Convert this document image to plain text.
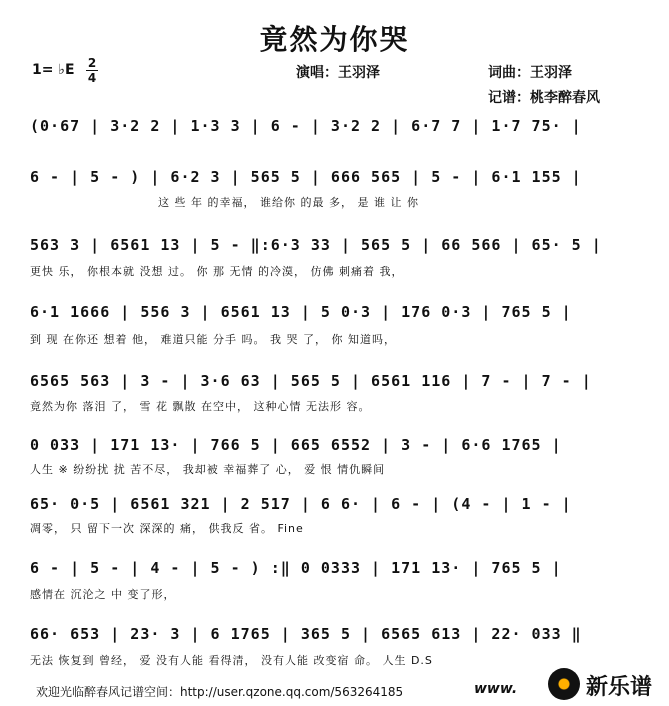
竟然为你哭
1= ♭E 2
4	演唱：王羽泽	词曲：王羽泽
记谱：桃李醉春风
(0·67 | 3·2 2 | 1·3 3 | 6 - | 3·2 2 | 6·7 7 | 1·7 75· |
6 - | 5 - ) | 6·2 3 | 565 5 | 666 565 | 5 - | 6·1 155 |
这 些 年 的幸福， 谁给你 的最 多， 是 谁 让 你
563 3 | 6561 13 | 5 - ‖:6·3 33 | 565 5 | 66 566 | 65· 5 |
更快 乐， 你根本就 没想 过。 你 那 无情 的冷漠， 仿佛 刺痛着 我，
6·1 1666 | 556 3 | 6561 13 | 5 0·3 | 176 0·3 | 765 5 |
到 现 在你还 想着 他， 难道只能 分手 吗。 我 哭 了， 你 知道吗，
6565 563 | 3 - | 3·6 63 | 565 5 | 6561 116 | 7 - | 7 - |
竟然为你 落泪 了， 雪 花 飘散 在空中， 这种心情 无法形 容。
0 033 | 171 13· | 766 5 | 665 6552 | 3 - | 6·6 1765 |
人生 ※ 纷纷扰 扰 苦不尽， 我却被 幸福葬了 心， 爱 恨 情仇瞬间
65· 0·5 | 6561 321 | 2 517 | 6 6· | 6 - | (4 - | 1 - |
凋零， 只 留下一次 深深的 痛， 供我反 省。 Fine
6 - | 5 - | 4 - | 5 - ) :‖ 0 0333 | 171 13· | 765 5 |
感情在 沉沦之 中 变了形，
66· 653 | 23· 3 | 6 1765 | 365 5 | 6565 613 | 22· 033 ‖
无法 恢复到 曾经， 爱 没有人能 看得清， 没有人能 改变宿 命。 人生 D.S
欢迎光临醉春风记谱空间：http://user.qzone.qq.com/563264185	www.	新乐谱
